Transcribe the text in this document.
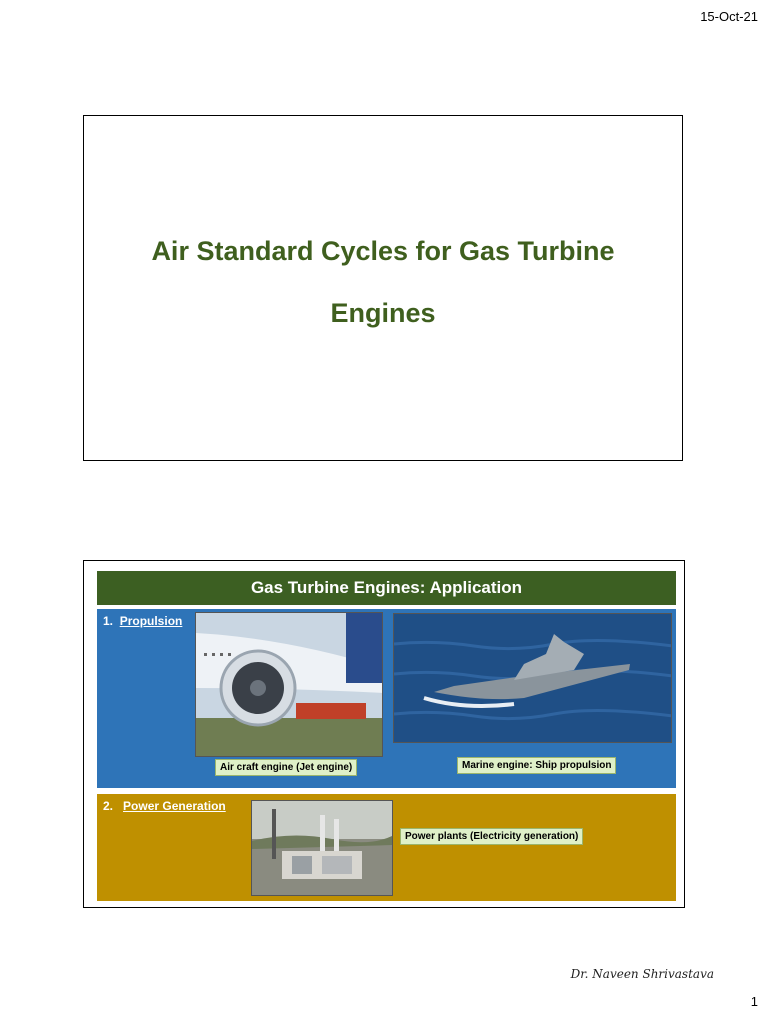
15-Oct-21
Air Standard Cycles for Gas Turbine
Engines
Gas Turbine Engines: Application
1. Propulsion
Air craft engine (Jet engine)	Marine engine: Ship propulsion
2. Power Generation
Power plants (Electricity generation)
Dr. Naveen Shrivastava
1
